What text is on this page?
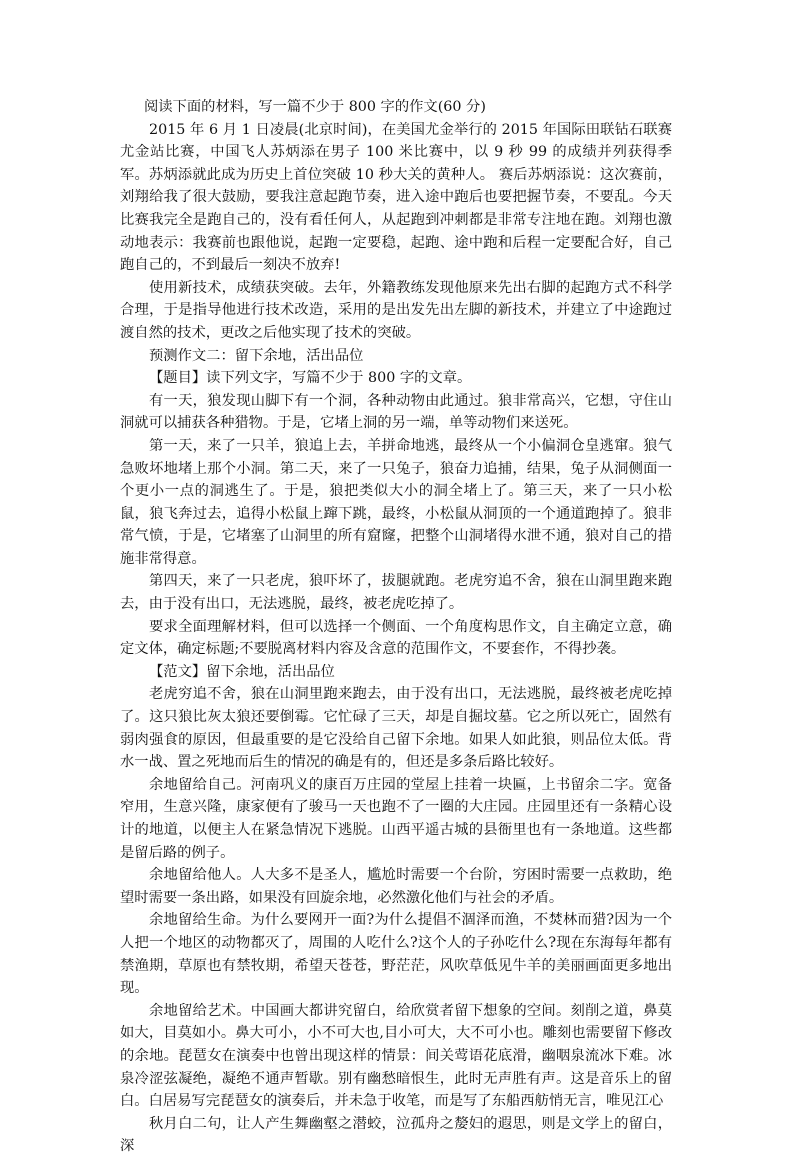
阅读下面的材料，写一篇不少于 800 字的作文(60 分)

2015 年 6 月 1 日凌晨(北京时间)，在美国尤金举行的 2015 年国际田联钻石联赛尤金站比赛，中国飞人苏炳添在男子 100 米比赛中，以 9 秒 99 的成绩并列获得季军。苏炳添就此成为历史上首位突破 10 秒大关的黄种人。 赛后苏炳添说：这次赛前，刘翔给我了很大鼓励，要我注意起跑节奏，进入途中跑后也要把握节奏，不要乱。今天比赛我完全是跑自己的，没有看任何人，从起跑到冲刺都是非常专注地在跑。刘翔也激动地表示：我赛前也跟他说，起跑一定要稳，起跑、途中跑和后程一定要配合好，自己跑自己的，不到最后一刻决不放弃!

使用新技术，成绩获突破。去年，外籍教练发现他原来先出右脚的起跑方式不科学合理，于是指导他进行技术改造，采用的是出发先出左脚的新技术，并建立了中途跑过渡自然的技术，更改之后他实现了技术的突破。

预测作文二：留下余地，活出品位

【题目】读下列文字，写篇不少于 800 字的文章。

有一天，狼发现山脚下有一个洞，各种动物由此通过。狼非常高兴，它想，守住山洞就可以捕获各种猎物。于是，它堵上洞的另一端，单等动物们来送死。

第一天，来了一只羊，狼追上去，羊拼命地逃，最终从一个小偏洞仓皇逃窜。狼气急败坏地堵上那个小洞。第二天，来了一只兔子，狼奋力追捕，结果，兔子从洞侧面一个更小一点的洞逃生了。于是，狼把类似大小的洞全堵上了。第三天，来了一只小松鼠，狼飞奔过去，追得小松鼠上蹿下跳，最终，小松鼠从洞顶的一个通道跑掉了。狼非常气愤，于是，它堵塞了山洞里的所有窟窿，把整个山洞堵得水泄不通，狼对自己的措施非常得意。

第四天，来了一只老虎，狼吓坏了，拔腿就跑。老虎穷追不舍，狼在山洞里跑来跑去，由于没有出口，无法逃脱，最终，被老虎吃掉了。

要求全面理解材料，但可以选择一个侧面、一个角度构思作文，自主确定立意，确定文体，确定标题;不要脱离材料内容及含意的范围作文，不要套作，不得抄袭。

【范文】留下余地，活出品位

老虎穷追不舍，狼在山洞里跑来跑去，由于没有出口，无法逃脱，最终被老虎吃掉了。这只狼比灰太狼还要倒霉。它忙碌了三天，却是自掘坟墓。它之所以死亡，固然有弱肉强食的原因，但最重要的是它没给自己留下余地。如果人如此狼，则品位太低。背水一战、置之死地而后生的情况的确是有的，但还是多条后路比较好。

余地留给自己。河南巩义的康百万庄园的堂屋上挂着一块匾，上书留余二字。宽备窄用，生意兴隆，康家便有了骏马一天也跑不了一圈的大庄园。庄园里还有一条精心设计的地道，以便主人在紧急情况下逃脱。山西平遥古城的县衙里也有一条地道。这些都是留后路的例子。

余地留给他人。人大多不是圣人，尴尬时需要一个台阶，穷困时需要一点救助，绝望时需要一条出路，如果没有回旋余地，必然激化他们与社会的矛盾。

余地留给生命。为什么要网开一面?为什么提倡不涸泽而渔，不焚林而猎?因为一个人把一个地区的动物都灭了，周围的人吃什么?这个人的子孙吃什么?现在东海每年都有禁渔期，草原也有禁牧期，希望天苍苍，野茫茫，风吹草低见牛羊的美丽画面更多地出现。

余地留给艺术。中国画大都讲究留白，给欣赏者留下想象的空间。刻削之道，鼻莫如大，目莫如小。鼻大可小，小不可大也,目小可大，大不可小也。雕刻也需要留下修改的余地。琵琶女在演奏中也曾出现这样的情景：间关莺语花底滑，幽咽泉流冰下难。冰泉冷涩弦凝绝，凝绝不通声暂歇。别有幽愁暗恨生，此时无声胜有声。这是音乐上的留白。白居易写完琵琶女的演奏后，并未急于收笔，而是写了东船西舫悄无言，唯见江心

秋月白二句，让人产生舞幽壑之潜蛟，泣孤舟之嫠妇的遐思，则是文学上的留白，深
